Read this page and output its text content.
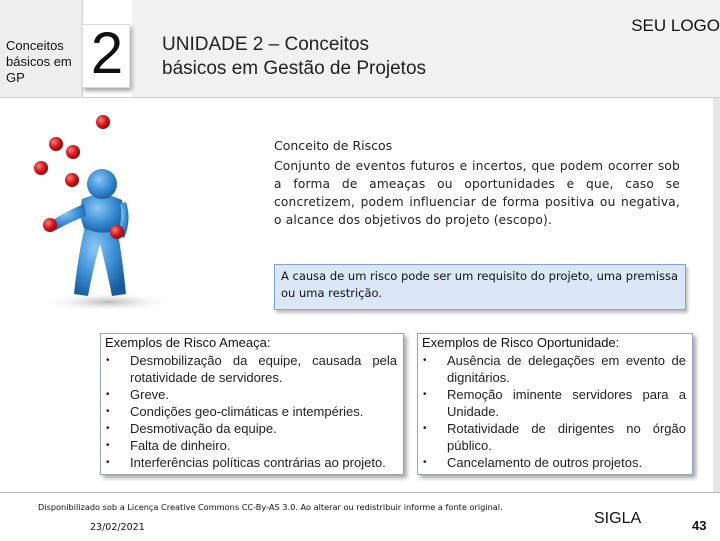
Conceitos básicos em GP	2	UNIDADE 2 – Conceitos básicos em Gestão de Projetos
SEU LOGO
Conceito de Riscos
Conjunto de eventos futuros e incertos, que podem ocorrer sob a forma de ameaças ou oportunidades e que, caso se concretizem, podem influenciar de forma positiva ou negativa, o alcance dos objetivos do projeto (escopo).
A causa de um risco pode ser um requisito do projeto, uma premissa ou uma restrição.
Exemplos de Risco Ameaça:
• Desmobilização da equipe, causada pela rotatividade de servidores.
• Greve.
• Condições geo-climáticas e intempéries.
• Desmotivação da equipe.
• Falta de dinheiro.
• Interferências políticas contrárias ao projeto.
Exemplos de Risco Oportunidade:
• Ausência de delegações em evento de dignitários.
• Remoção iminente servidores para a Unidade.
• Rotatividade de dirigentes no órgão público.
• Cancelamento de outros projetos.
Disponibilizado sob a Licença Creative Commons CC-By-AS 3.0. Ao alterar ou redistribuir informe a fonte original.
23/02/2021
SIGLA	43
